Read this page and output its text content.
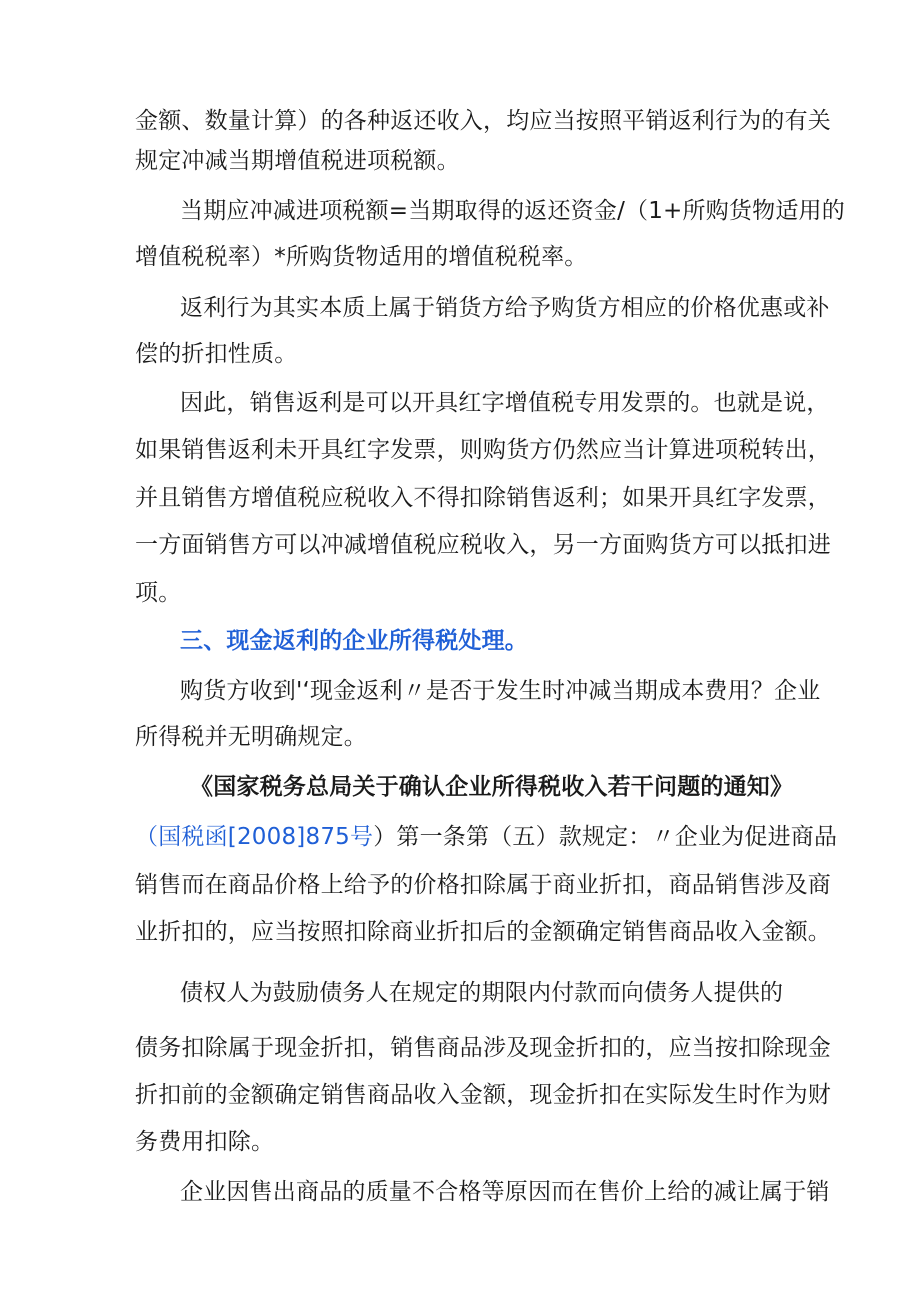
金额、数量计算）的各种返还收入，均应当按照平销返利行为的有关
规定冲减当期增值税进项税额。
当期应冲减进项税额=当期取得的返还资金/（1+所购货物适用的
增值税税率）*所购货物适用的增值税税率。
返利行为其实本质上属于销货方给予购货方相应的价格优惠或补
偿的折扣性质。
因此，销售返利是可以开具红字增值税专用发票的。也就是说，
如果销售返利未开具红字发票，则购货方仍然应当计算进项税转出，
并且销售方增值税应税收入不得扣除销售返利；如果开具红字发票，
一方面销售方可以冲减增值税应税收入，另一方面购货方可以抵扣进
项。
三、现金返利的企业所得税处理。
购货方收到'‘现金返利〃是否于发生时冲减当期成本费用？企业
所得税并无明确规定。
《国家税务总局关于确认企业所得税收入若干问题的通知》
（国税函[2008]875号）第一条第（五）款规定：〃企业为促进商品
销售而在商品价格上给予的价格扣除属于商业折扣，商品销售涉及商
业折扣的，应当按照扣除商业折扣后的金额确定销售商品收入金额。
债权人为鼓励债务人在规定的期限内付款而向债务人提供的
债务扣除属于现金折扣，销售商品涉及现金折扣的，应当按扣除现金
折扣前的金额确定销售商品收入金额，现金折扣在实际发生时作为财
务费用扣除。
企业因售出商品的质量不合格等原因而在售价上给的减让属于销
